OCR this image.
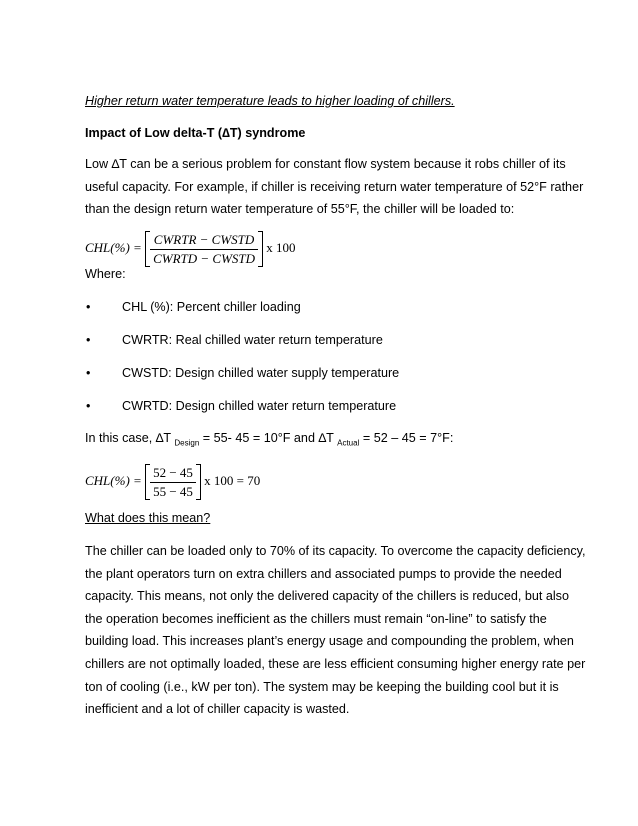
Higher return water temperature leads to higher loading of chillers.
Impact of Low delta-T (∆T) syndrome
Low ∆T can be a serious problem for constant flow system because it robs chiller of its
useful capacity. For example, if chiller is receiving return water temperature of 52°F rather
than the design return water temperature of 55°F, the chiller will be loaded to:
$CHL(\%) = \frac{\text{CWRTR − CWSTD}}{\text{CWRTD − CWSTD}}$ x 100
Where:
•	CHL (%): Percent chiller loading
•	CWRTR: Real chilled water return temperature
•	CWSTD: Design chilled water supply temperature
•	CWRTD: Design chilled water return temperature
In this case, ∆T $_{Design}$ = 55- 45 = 10°F and ∆T $_{Actual}$ = 52 – 45 = 7°F:
$CHL(\%) = \frac{52 - 45}{55 - 45}$ x 100 = 70
What does this mean?
The chiller can be loaded only to 70% of its capacity. To overcome the capacity deficiency,
the plant operators turn on extra chillers and associated pumps to provide the needed
capacity. This means, not only the delivered capacity of the chillers is reduced, but also
the operation becomes inefficient as the chillers must remain “on-line” to satisfy the
building load. This increases plant’s energy usage and compounding the problem, when
chillers are not optimally loaded, these are less efficient consuming higher energy rate per
ton of cooling (i.e., kW per ton). The system may be keeping the building cool but it is
inefficient and a lot of chiller capacity is wasted.
